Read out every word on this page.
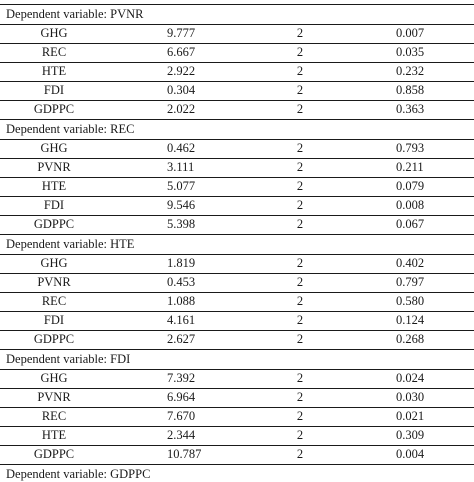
Dependent variable: PVNR
GHG	9.777	2	0.007
REC	6.667	2	0.035
HTE	2.922	2	0.232
FDI	0.304	2	0.858
GDPPC	2.022	2	0.363
Dependent variable: REC
GHG	0.462	2	0.793
PVNR	3.111	2	0.211
HTE	5.077	2	0.079
FDI	9.546	2	0.008
GDPPC	5.398	2	0.067
Dependent variable: HTE
GHG	1.819	2	0.402
PVNR	0.453	2	0.797
REC	1.088	2	0.580
FDI	4.161	2	0.124
GDPPC	2.627	2	0.268
Dependent variable: FDI
GHG	7.392	2	0.024
PVNR	6.964	2	0.030
REC	7.670	2	0.021
HTE	2.344	2	0.309
GDPPC	10.787	2	0.004
Dependent variable: GDPPC
